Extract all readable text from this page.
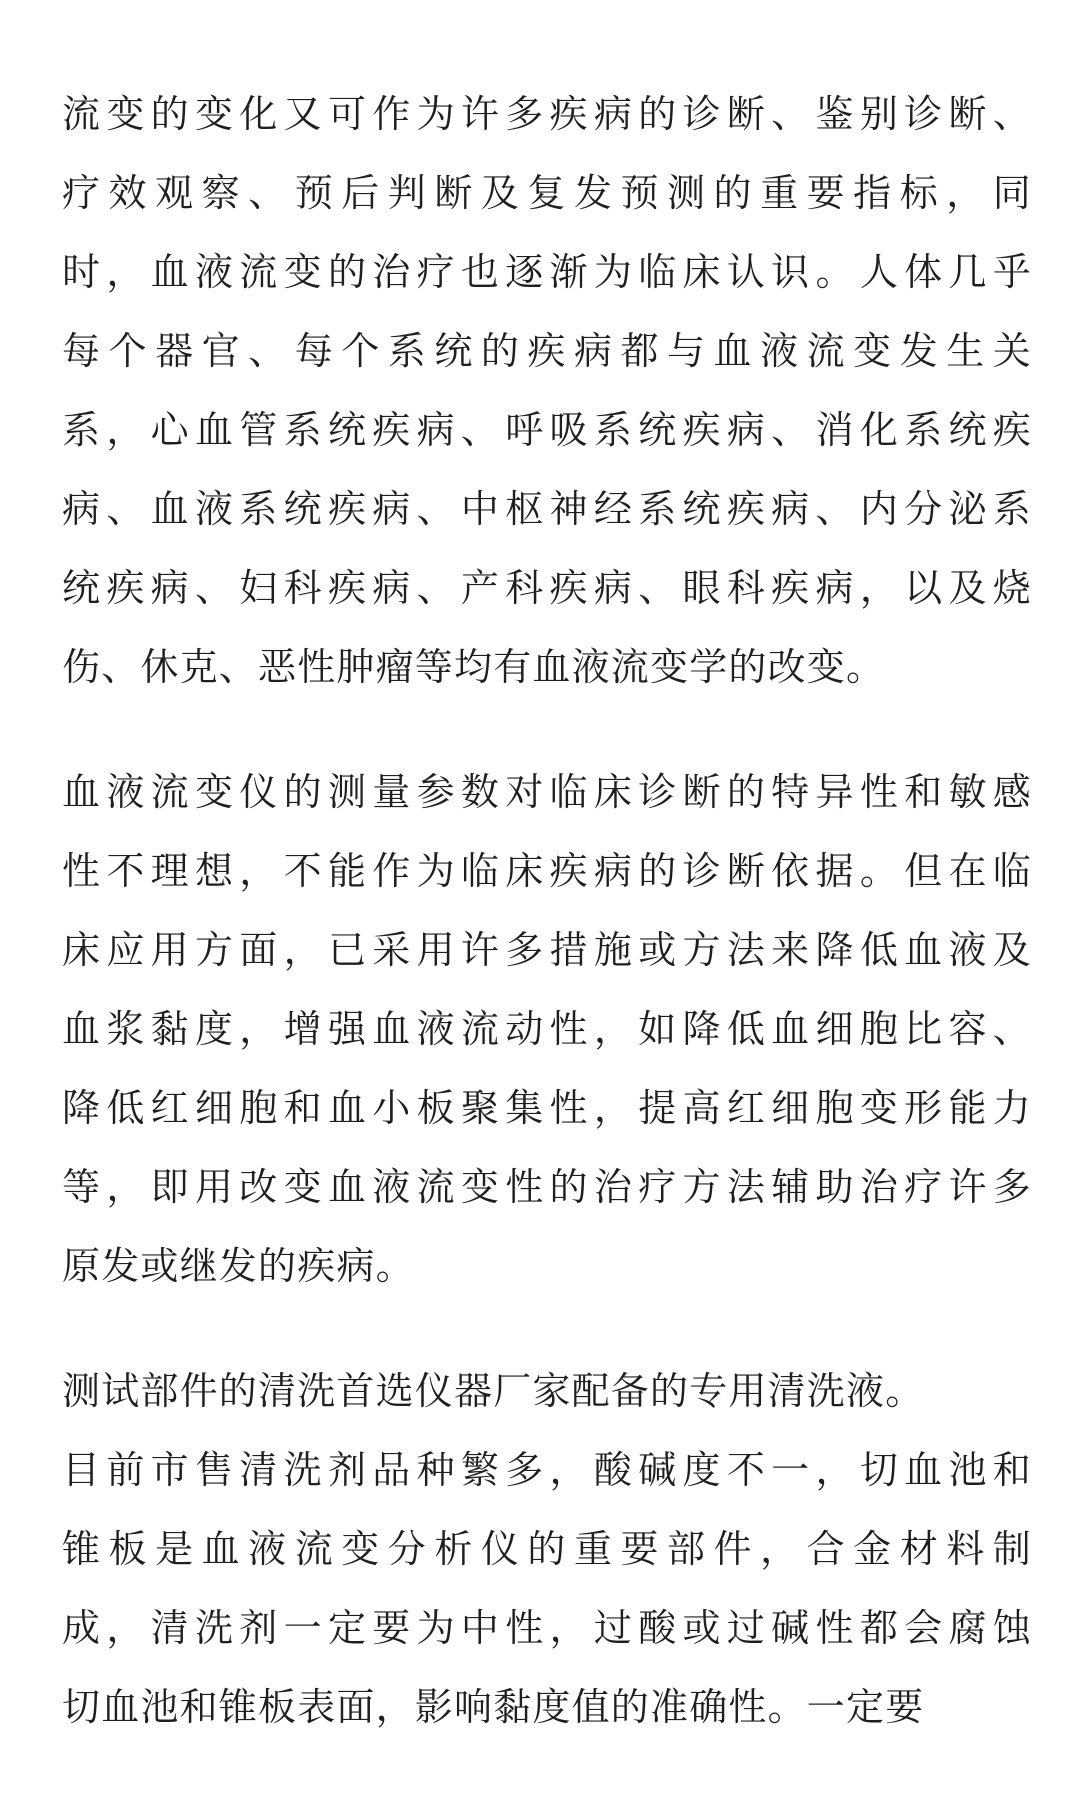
流变的变化又可作为许多疾病的诊断、鉴别诊断、
疗效观察、预后判断及复发预测的重要指标，同
时，血液流变的治疗也逐渐为临床认识。人体几乎
每个器官、每个系统的疾病都与血液流变发生关
系，心血管系统疾病、呼吸系统疾病、消化系统疾
病、血液系统疾病、中枢神经系统疾病、内分泌系
统疾病、妇科疾病、产科疾病、眼科疾病，以及烧
伤、休克、恶性肿瘤等均有血液流变学的改变。
血液流变仪的测量参数对临床诊断的特异性和敏感
性不理想，不能作为临床疾病的诊断依据。但在临
床应用方面，已采用许多措施或方法来降低血液及
血浆黏度，增强血液流动性，如降低血细胞比容、
降低红细胞和血小板聚集性，提高红细胞变形能力
等，即用改变血液流变性的治疗方法辅助治疗许多
原发或继发的疾病。
测试部件的清洗首选仪器厂家配备的专用清洗液。
目前市售清洗剂品种繁多，酸碱度不一，切血池和
锥板是血液流变分析仪的重要部件，合金材料制
成，清洗剂一定要为中性，过酸或过碱性都会腐蚀
切血池和锥板表面，影响黏度值的准确性。一定要
